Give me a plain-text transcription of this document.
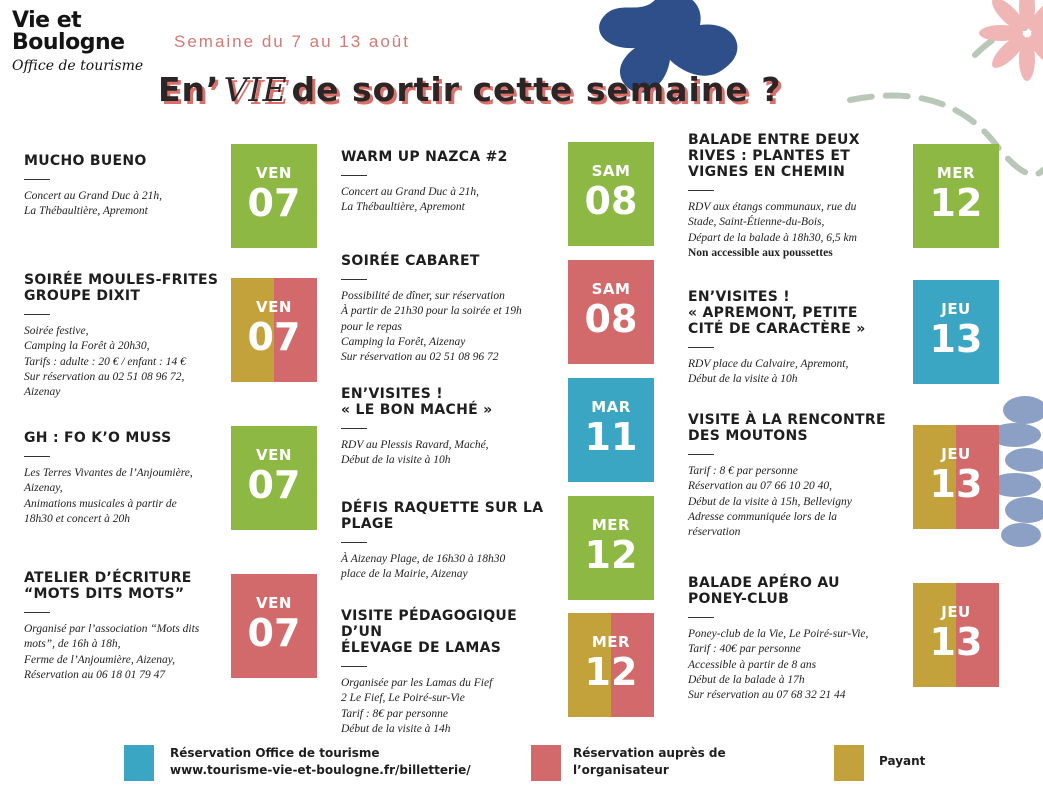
Vie et
Boulogne
Office de tourisme
Semaine du 7 au 13 août
En’ VIE de sortir cette semaine ?
MUCHO BUENO
Concert au Grand Duc à 21h,
La Thébaultière, Apremont
VEN
07
SOIRÉE MOULES-FRITES
GROUPE DIXIT
Soirée festive,
Camping la Forêt à 20h30,
Tarifs : adulte : 20 € / enfant : 14 €
Sur réservation au 02 51 08 96 72,
Aizenay
VEN
07
GH : FO K’O MUSS
Les Terres Vivantes de l’Anjoumière,
Aizenay,
Animations musicales à partir de
18h30 et concert à 20h
VEN
07
ATELIER D’ÉCRITURE
“MOTS DITS MOTS”
Organisé par l’association “Mots dits
mots”, de 16h à 18h,
Ferme de l’Anjoumière, Aizenay,
Réservation au 06 18 01 79 47
VEN
07
WARM UP NAZCA #2
Concert au Grand Duc à 21h,
La Thébaultière, Apremont
SAM
08
SOIRÉE CABARET
Possibilité de dîner, sur réservation
À partir de 21h30 pour la soirée et 19h
pour le repas
Camping la Forêt, Aizenay
Sur réservation au 02 51 08 96 72
SAM
08
EN’VISITES !
« LE BON MACHÉ »
RDV au Plessis Ravard, Maché,
Début de la visite à 10h
MAR
11
DÉFIS RAQUETTE SUR LA
PLAGE
À Aizenay Plage, de 16h30 à 18h30
place de la Mairie, Aizenay
MER
12
VISITE PÉDAGOGIQUE D’UN
ÉLEVAGE DE LAMAS
Organisée par les Lamas du Fief
2 Le Fief, Le Poiré-sur-Vie
Tarif : 8€ par personne
Début de la visite à 14h
MER
12
BALADE ENTRE DEUX
RIVES : PLANTES ET
VIGNES EN CHEMIN
RDV aux étangs communaux, rue du
Stade, Saint-Étienne-du-Bois,
Départ de la balade à 18h30, 6,5 km
Non accessible aux poussettes
MER
12
EN’VISITES !
« APREMONT, PETITE
CITÉ DE CARACTÈRE »
RDV place du Calvaire, Apremont,
Début de la visite à 10h
JEU
13
VISITE À LA RENCONTRE
DES MOUTONS
Tarif : 8 € par personne
Réservation au 07 66 10 20 40,
Début de la visite à 15h, Bellevigny
Adresse communiquée lors de la
réservation
JEU
13
BALADE APÉRO AU
PONEY-CLUB
Poney-club de la Vie, Le Poiré-sur-Vie,
Tarif : 40€ par personne
Accessible à partir de 8 ans
Début de la balade à 17h
Sur réservation au 07 68 32 21 44
JEU
13
Réservation Office de tourisme
www.tourisme-vie-et-boulogne.fr/billetterie/
Réservation auprès de
l’organisateur
Payant
